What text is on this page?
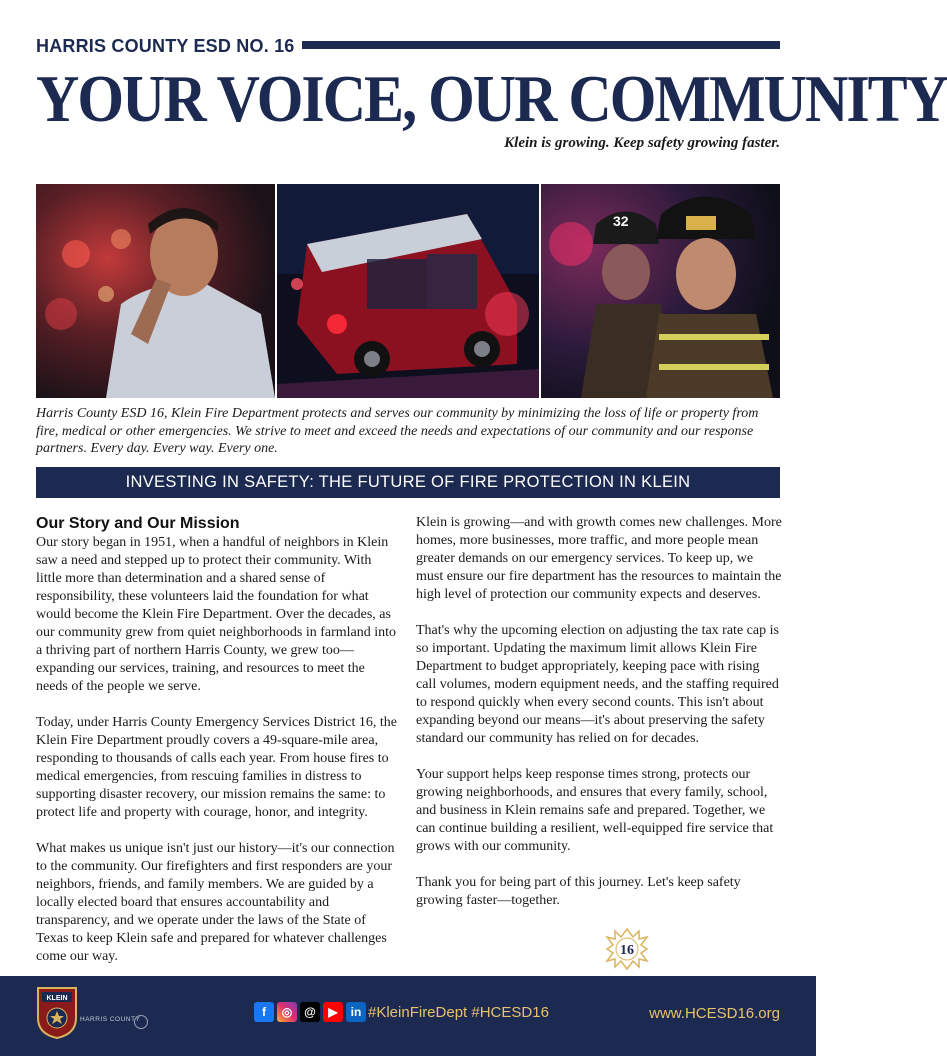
HARRIS COUNTY ESD NO. 16
YOUR VOICE, OUR COMMUNITY
Klein is growing. Keep safety growing faster.
32

Harris County ESD 16, Klein Fire Department protects and serves our community by minimizing the loss of life or property from fire, medical or other emergencies. We strive to meet and exceed the needs and expectations of our community and our response partners. Every day. Every way. Every one.

INVESTING IN SAFETY: THE FUTURE OF FIRE PROTECTION IN KLEIN
Our Story and Our Mission

Our story began in 1951, when a handful of neighbors in Klein saw a need and stepped up to protect their community. With little more than determination and a shared sense of responsibility, these volunteers laid the foundation for what would become the Klein Fire Department. Over the decades, as our community grew from quiet neighborhoods in farmland into a thriving part of northern Harris County, we grew too—expanding our services, training, and resources to meet the needs of the people we serve.

Today, under Harris County Emergency Services District 16, the Klein Fire Department proudly covers a 49-square-mile area, responding to thousands of calls each year. From house fires to medical emergencies, from rescuing families in distress to supporting disaster recovery, our mission remains the same: to protect life and property with courage, honor, and integrity.

What makes us unique isn't just our history—it's our connection to the community. Our firefighters and first responders are your neighbors, friends, and family members. We are guided by a locally elected board that ensures accountability and transparency, and we operate under the laws of the State of Texas to keep Klein safe and prepared for whatever challenges come our way.

Klein is growing—and with growth comes new challenges. More homes, more businesses, more traffic, and more people mean greater demands on our emergency services. To keep up, we must ensure our fire department has the resources to maintain the high level of protection our community expects and deserves.

That's why the upcoming election on adjusting the tax rate cap is so important. Updating the maximum limit allows Klein Fire Department to budget appropriately, keeping pace with rising call volumes, modern equipment needs, and the staffing required to respond quickly when every second counts. This isn't about expanding beyond our means—it's about preserving the safety standard our community has relied on for decades.

Your support helps keep response times strong, protects our growing neighborhoods, and ensures that every family, school, and business in Klein remains safe and prepared. Together, we can continue building a resilient, well-equipped fire service that grows with our community.

Thank you for being part of this journey. Let's keep safety growing faster—together.

16
KLEIN
HARRIS COUNTY
f	◎ @	▶	in #KleinFireDept #HCESD16	www.HCESD16.org
